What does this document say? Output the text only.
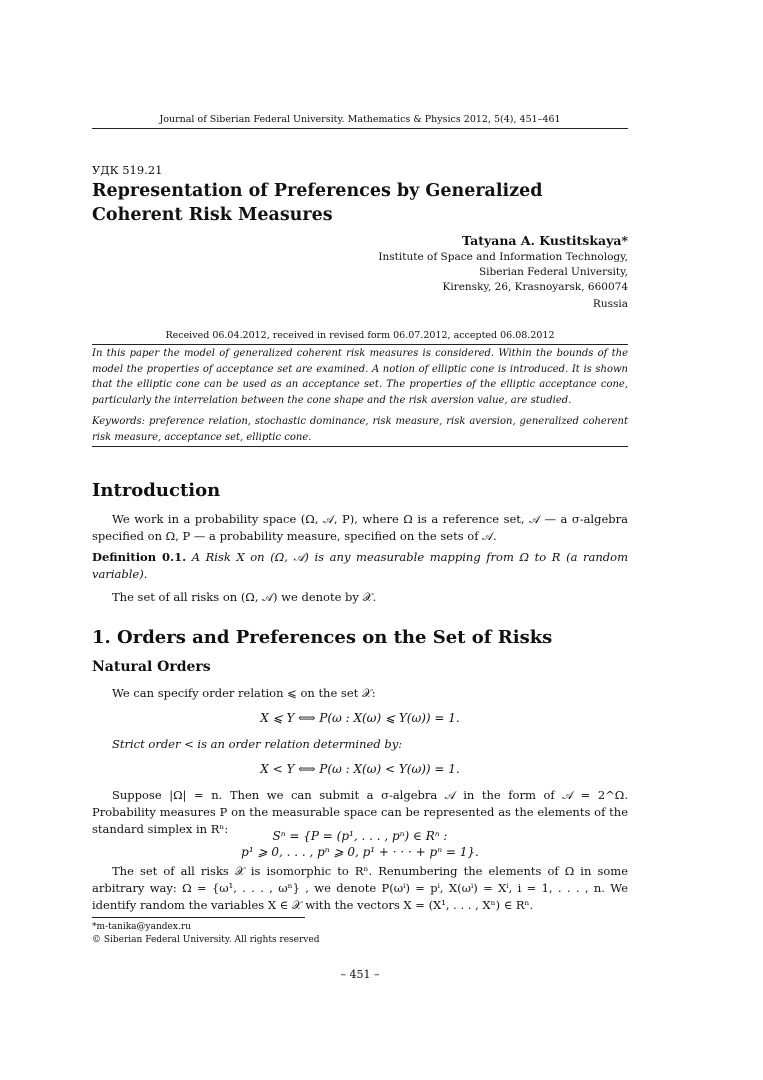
Journal of Siberian Federal University. Mathematics & Physics 2012, 5(4), 451–461
УДК 519.21
Representation of Preferences by Generalized Coherent Risk Measures
Tatyana A. Kustitskaya*
Institute of Space and Information Technology,
Siberian Federal University,
Kirensky, 26, Krasnoyarsk, 660074
Russia
Received 06.04.2012, received in revised form 06.07.2012, accepted 06.08.2012
In this paper the model of generalized coherent risk measures is considered. Within the bounds of the model the properties of acceptance set are examined. A notion of elliptic cone is introduced. It is shown that the elliptic cone can be used as an acceptance set. The properties of the elliptic acceptance cone, particularly the interrelation between the cone shape and the risk aversion value, are studied.
Keywords: preference relation, stochastic dominance, risk measure, risk aversion, generalized coherent risk measure, acceptance set, elliptic cone.
Introduction
We work in a probability space (Ω, 𝒜, P), where Ω is a reference set, 𝒜 — a σ-algebra specified on Ω, P — a probability measure, specified on the sets of 𝒜.
Definition 0.1. A Risk X on (Ω, 𝒜) is any measurable mapping from Ω to R (a random variable).
The set of all risks on (Ω, 𝒜) we denote by 𝒳.
1. Orders and Preferences on the Set of Risks
Natural Orders
We can specify order relation ⩽ on the set 𝒳:
X ⩽ Y ⟺ P(ω : X(ω) ⩽ Y(ω)) = 1.
Strict order < is an order relation determined by:
X < Y ⟺ P(ω : X(ω) < Y(ω)) = 1.
Suppose |Ω| = n. Then we can submit a σ-algebra 𝒜 in the form of 𝒜 = 2^Ω. Probability measures P on the measurable space can be represented as the elements of the standard simplex in Rⁿ:	Sⁿ = {P = (p¹, . . . , pⁿ) ∈ Rⁿ :
p¹ ⩾ 0, . . . , pⁿ ⩾ 0, p¹ + · · · + pⁿ = 1}.
The set of all risks 𝒳 is isomorphic to Rⁿ. Renumbering the elements of Ω in some arbitrary way: Ω = {ω¹, . . . , ωⁿ} , we denote P(ωⁱ) = pⁱ, X(ωⁱ) = Xⁱ, i = 1, . . . , n. We identify random the variables X ∈ 𝒳 with the vectors X = (X¹, . . . , Xⁿ) ∈ Rⁿ.
*m-tanika@yandex.ru
© Siberian Federal University. All rights reserved
– 451 –
